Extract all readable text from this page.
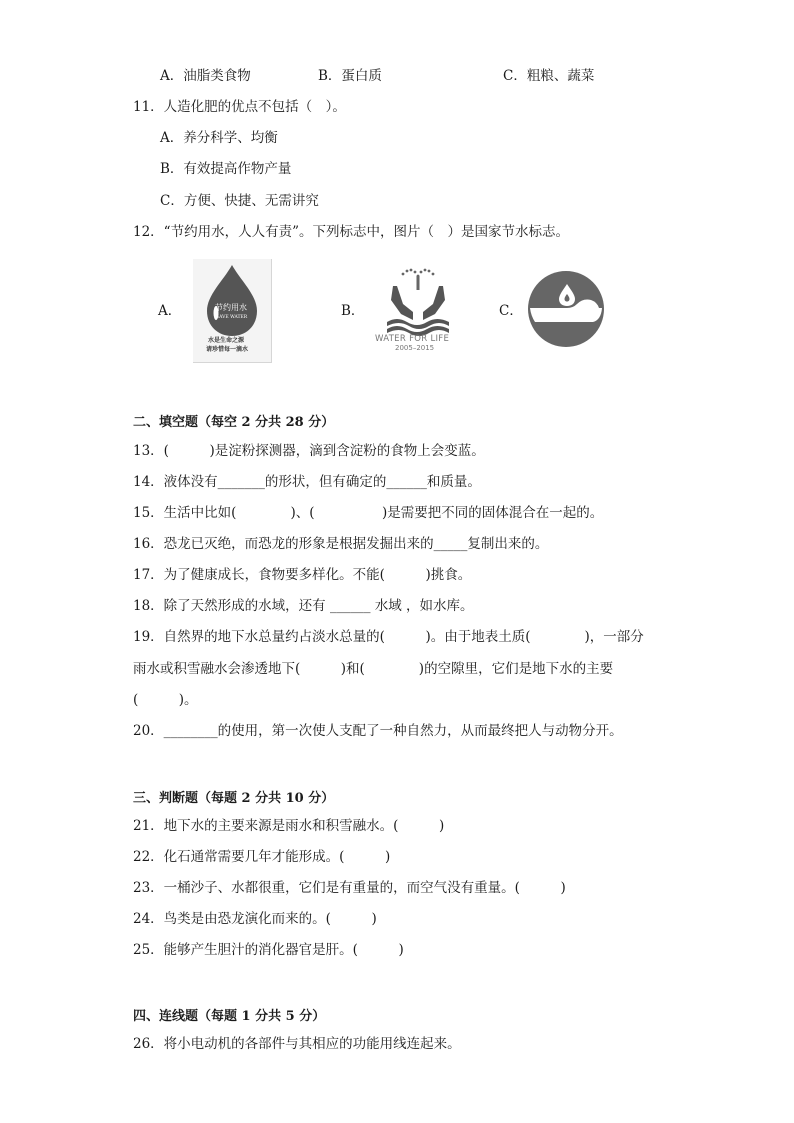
A．油脂类食物	B．蛋白质	C．粗粮、蔬菜
11．人造化肥的优点不包括（　）。
A．养分科学、均衡
B．有效提高作物产量
C．方便、快捷、无需讲究
12．“节约用水，人人有责”。下列标志中，图片（　）是国家节水标志。
A．	节约用水
SAVE WATER
水是生命之源
请珍惜每一滴水
B．
WATER FOR LIFE
2005–2015
C．
二、填空题（每空 2 分共 28 分）
13．(　　　)是淀粉探测器，滴到含淀粉的食物上会变蓝。
14．液体没有_______的形状，但有确定的______和质量。
15．生活中比如(　　　　)、(　　　　　)是需要把不同的固体混合在一起的。
16．恐龙已灭绝，而恐龙的形象是根据发掘出来的_____复制出来的。
17．为了健康成长，食物要多样化。不能(　　　)挑食。
18．除了天然形成的水域，还有 ______ 水域 ，如水库。
19．自然界的地下水总量约占淡水总量的(　　　)。由于地表土质(　　　　)，一部分
雨水或积雪融水会渗透地下(　　　)和(　　　　)的空隙里，它们是地下水的主要
(　　　)。
20．________的使用，第一次使人支配了一种自然力，从而最终把人与动物分开。
三、判断题（每题 2 分共 10 分）
21．地下水的主要来源是雨水和积雪融水。(　　　)
22．化石通常需要几年才能形成。(　　　)
23．一桶沙子、水都很重，它们是有重量的，而空气没有重量。(　　　)
24．鸟类是由恐龙演化而来的。(　　　)
25．能够产生胆汁的消化器官是肝。(　　　)
四、连线题（每题 1 分共 5 分）
26．将小电动机的各部件与其相应的功能用线连起来。
